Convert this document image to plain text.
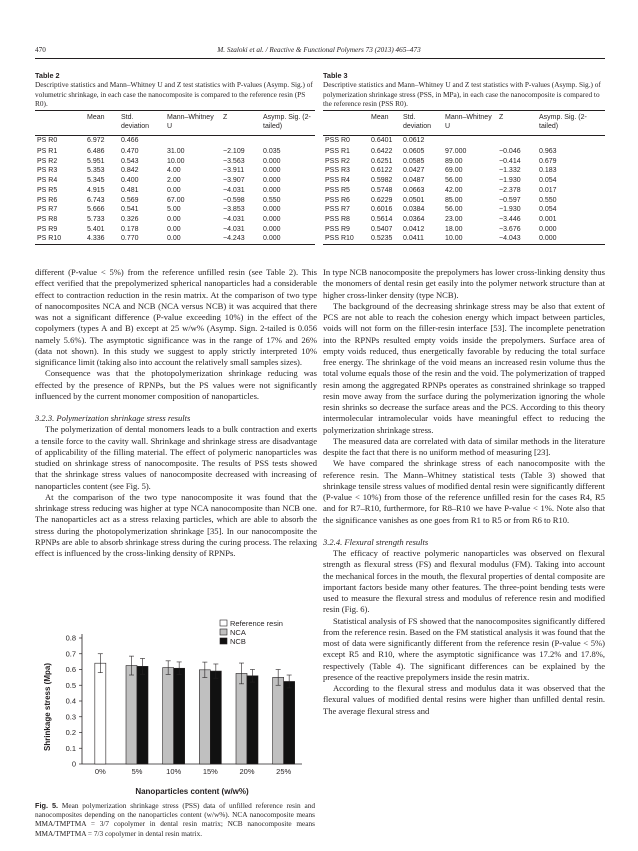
470	M. Szaloki et al. / Reactive & Functional Polymers 73 (2013) 465–473
Table 2
Descriptive statistics and Mann–Whitney U and Z test statistics with P-values (Asymp. Sig.) of volumetric shrinkage, in each case the nanocomposite is compared to the reference resin (PS R0).
	Mean	Std. deviation	Mann–Whitney U	Z	Asymp. Sig. (2-tailed)
PS R0	6.972	0.466			
PS R1	6.486	0.470	31.00	−2.109	0.035
PS R2	5.951	0.543	10.00	−3.563	0.000
PS R3	5.353	0.842	4.00	−3.911	0.000
PS R4	5.345	0.400	2.00	−3.907	0.000
PS R5	4.915	0.481	0.00	−4.031	0.000
PS R6	6.743	0.569	67.00	−0.598	0.550
PS R7	5.666	0.541	5.00	−3.853	0.000
PS R8	5.733	0.326	0.00	−4.031	0.000
PS R9	5.401	0.178	0.00	−4.031	0.000
PS R10	4.336	0.770	0.00	−4.243	0.000
Table 3
Descriptive statistics and Mann–Whitney U and Z test statistics with P-values (Asymp. Sig.) of polymerization shrinkage stress (PSS, in MPa), in each case the nanocomposite is compared to the reference resin (PSS R0).
	Mean	Std. deviation	Mann–Whitney U	Z	Asymp. Sig. (2-tailed)
PSS R0	0.6401	0.0612			
PSS R1	0.6422	0.0605	97.000	−0.046	0.963
PSS R2	0.6251	0.0585	89.00	−0.414	0.679
PSS R3	0.6122	0.0427	69.00	−1.332	0.183
PSS R4	0.5982	0.0487	56.00	−1.930	0.054
PSS R5	0.5748	0.0663	42.00	−2.378	0.017
PSS R6	0.6229	0.0501	85.00	−0.597	0.550
PSS R7	0.6016	0.0384	56.00	−1.930	0.054
PSS R8	0.5614	0.0364	23.00	−3.446	0.001
PSS R9	0.5407	0.0412	18.00	−3.676	0.000
PSS R10	0.5235	0.0411	10.00	−4.043	0.000

different (P-value < 5%) from the reference unfilled resin (see Table 2). This effect verified that the prepolymerized spherical nanoparticles had a considerable effect to contraction reduction in the resin matrix. At the comparison of two type of nanocomposites NCA and NCB (NCA versus NCB) it was acquired that there was not a significant difference (P-value exceeding 10%) in the effect of the copolymers (types A and B) except at 25 w/w% (Asymp. Sign. 2-tailed is 0.056 namely 5.6%). The asymptotic significance was in the range of 17% and 26% (data not shown). In this study we suggest to apply strictly interpreted 10% significance limit (taking also into account the relatively small samples sizes).

Consequence was that the photopolymerization shrinkage reducing was effected by the presence of RPNPs, but the PS values were not significantly influenced by the current monomer composition of nanoparticles.

3.2.3. Polymerization shrinkage stress results

The polymerization of dental monomers leads to a bulk contraction and exerts a tensile force to the cavity wall. Shrinkage and shrinkage stress are disadvantage of applicability of the filling material. The effect of polymeric nanoparticles was studied on shrinkage stress of nanocomposite. The results of PSS tests showed that the shrinkage stress values of nanocomposite decreased with increasing of nanoparticles content (see Fig. 5).

At the comparison of the two type nanocomposite it was found that the shrinkage stress reducing was higher at type NCA nanocomposite than NCB one. The nanoparticles act as a stress relaxing particles, which are able to absorb the stress during the photopolymerization shrinkage [35]. In our nanocomposite the RPNPs are able to absorb shrinkage stress during the curing process. The relaxing effect is influenced by the cross-linking density of RPNPs.

0
0.1
0.2
0.3
0.4
0.5
0.6
0.7
0.8
Shrinkage stress (Mpa)
Nanoparticles content (w/w%)
0%	5%	10%	15%	20%	25%
Reference resin
NCA
NCB
Fig. 5. Mean polymerization shrinkage stress (PSS) data of unfilled reference resin and nanocomposites depending on the nanoparticles content (w/w%). NCA nanocomposite means MMA/TMPTMA = 3/7 copolymer in dental resin matrix; NCB nanocomposite means MMA/TMPTMA = 7/3 copolymer in dental resin matrix.

In type NCB nanocomposite the prepolymers has lower cross-linking density thus the monomers of dental resin get easily into the polymer network structure than at higher cross-linker density (type NCB).

The background of the decreasing shrinkage stress may be also that extent of PCS are not able to reach the cohesion energy which impact between particles, voids will not form on the filler-resin interface [53]. The incomplete penetration into the RPNPs resulted empty voids inside the prepolymers. Surface area of empty voids reduced, thus energetically favorable by reducing the total surface free energy. The shrinkage of the void means an increased resin volume thus the total volume equals those of the resin and the void. The polymerization of trapped resin among the aggregated RPNPs operates as constrained shrinkage so trapped resin move away from the surface during the polymerization ignoring the whole resin shrinks so decrease the surface areas and the PCS. According to this theory intermolecular intramolecular voids have meaningful effect to reducing the polymerization shrinkage stress.

The measured data are correlated with data of similar methods in the literature despite the fact that there is no uniform method of measuring [23].

We have compared the shrinkage stress of each nanocomposite with the reference resin. The Mann–Whitney statistical tests (Table 3) showed that shrinkage tensile stress values of modified dental resin were significantly different (P-value < 10%) from those of the reference unfilled resin for the cases R4, R5 and for R7–R10, furthermore, for R8–R10 we have P-value < 1%. Note also that the significance vanishes as one goes from R1 to R5 or from R6 to R10.

3.2.4. Flexural strength results

The efficacy of reactive polymeric nanoparticles was observed on flexural strength as flexural stress (FS) and flexural modulus (FM). Taking into account the mechanical forces in the mouth, the flexural properties of dental composite are important factors beside many other features. The three-point bending tests were used to measure the flexural stress and modulus of reference resin and modified resin (Fig. 6).

Statistical analysis of FS showed that the nanocomposites significantly differed from the reference resin. Based on the FM statistical analysis it was found that the most of data were significantly different from the reference resin (P-value < 5%) except R5 and R10, where the asymptotic significance was 17.2% and 17.8%, respectively (Table 4). The significant differences can be explained by the presence of the reactive prepolymers inside the resin matrix.

According to the flexural stress and modulus data it was observed that the flexural values of modified dental resins were higher than unfilled dental resin. The average flexural stress and
